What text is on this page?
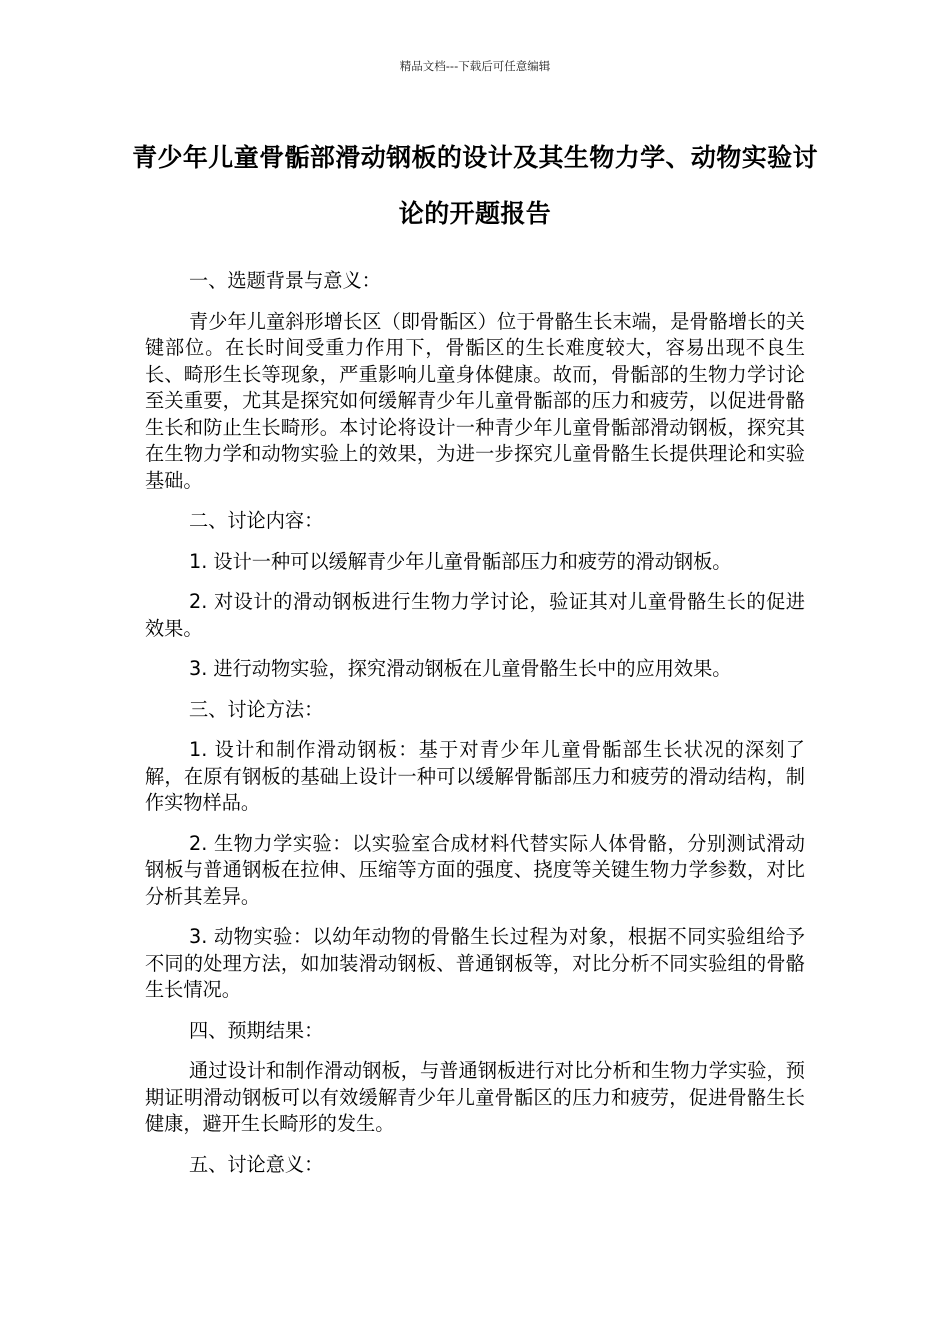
精品文档---下载后可任意编辑
青少年儿童骨骺部滑动钢板的设计及其生物力学、动物实验讨论的开题报告

一、选题背景与意义：

青少年儿童斜形增长区（即骨骺区）位于骨骼生长末端，是骨骼增长的关键部位。在长时间受重力作用下，骨骺区的生长难度较大，容易出现不良生长、畸形生长等现象，严重影响儿童身体健康。故而，骨骺部的生物力学讨论至关重要，尤其是探究如何缓解青少年儿童骨骺部的压力和疲劳，以促进骨骼生长和防止生长畸形。本讨论将设计一种青少年儿童骨骺部滑动钢板，探究其在生物力学和动物实验上的效果，为进一步探究儿童骨骼生长提供理论和实验基础。

二、讨论内容：

1. 设计一种可以缓解青少年儿童骨骺部压力和疲劳的滑动钢板。

2. 对设计的滑动钢板进行生物力学讨论，验证其对儿童骨骼生长的促进效果。

3. 进行动物实验，探究滑动钢板在儿童骨骼生长中的应用效果。

三、讨论方法：

1. 设计和制作滑动钢板：基于对青少年儿童骨骺部生长状况的深刻了解，在原有钢板的基础上设计一种可以缓解骨骺部压力和疲劳的滑动结构，制作实物样品。

2. 生物力学实验：以实验室合成材料代替实际人体骨骼，分别测试滑动钢板与普通钢板在拉伸、压缩等方面的强度、挠度等关键生物力学参数，对比分析其差异。

3. 动物实验：以幼年动物的骨骼生长过程为对象，根据不同实验组给予不同的处理方法，如加装滑动钢板、普通钢板等，对比分析不同实验组的骨骼生长情况。

四、预期结果：

通过设计和制作滑动钢板，与普通钢板进行对比分析和生物力学实验，预期证明滑动钢板可以有效缓解青少年儿童骨骺区的压力和疲劳，促进骨骼生长健康，避开生长畸形的发生。

五、讨论意义：
